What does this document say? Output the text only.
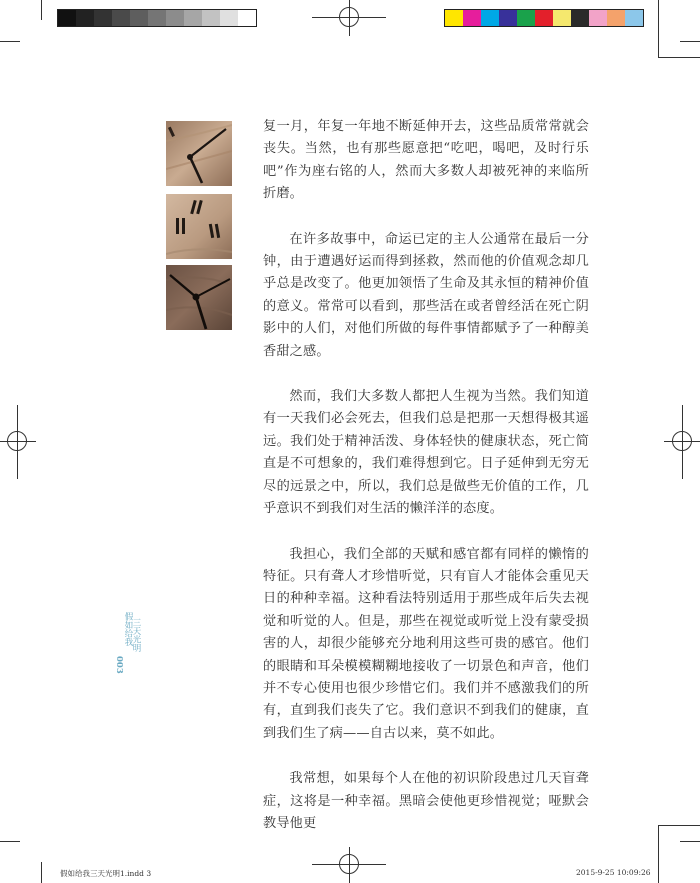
003
假如给我
三天光明

复一月，年复一年地不断延伸开去，这些品质常常就会丧失。当然，也有那些愿意把“吃吧，喝吧，及时行乐吧”作为座右铭的人，然而大多数人却被死神的来临所折磨。

在许多故事中，命运已定的主人公通常在最后一分钟，由于遭遇好运而得到拯救，然而他的价值观念却几乎总是改变了。他更加领悟了生命及其永恒的精神价值的意义。常常可以看到，那些活在或者曾经活在死亡阴影中的人们，对他们所做的每件事情都赋予了一种醇美香甜之感。

然而，我们大多数人都把人生视为当然。我们知道有一天我们必会死去，但我们总是把那一天想得极其遥远。我们处于精神活泼、身体轻快的健康状态，死亡简直是不可想象的，我们难得想到它。日子延伸到无穷无尽的远景之中，所以，我们总是做些无价值的工作，几乎意识不到我们对生活的懒洋洋的态度。

我担心，我们全部的天赋和感官都有同样的懒惰的特征。只有聋人才珍惜听觉，只有盲人才能体会重见天日的种种幸福。这种看法特别适用于那些成年后失去视觉和听觉的人。但是，那些在视觉或听觉上没有蒙受损害的人，却很少能够充分地利用这些可贵的感官。他们的眼睛和耳朵模模糊糊地接收了一切景色和声音，他们并不专心使用也很少珍惜它们。我们并不感激我们的所有，直到我们丧失了它。我们意识不到我们的健康，直到我们生了病——自古以来，莫不如此。

我常想，如果每个人在他的初识阶段患过几天盲聋症，这将是一种幸福。黑暗会使他更珍惜视觉；哑默会教导他更

假如给我三天光明1.indd 3	2015-9-25 10:09:26
